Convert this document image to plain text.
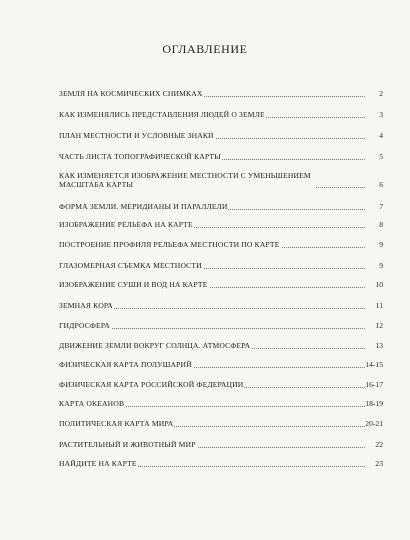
ОГЛАВЛЕНИЕ
ЗЕМЛЯ НА КОСМИЧЕСКИХ СНИМКАХ	2
КАК ИЗМЕНЯЛИСЬ ПРЕДСТАВЛЕНИЯ ЛЮДЕЙ О ЗЕМЛЕ	3
ПЛАН МЕСТНОСТИ И УСЛОВНЫЕ ЗНАКИ	4
ЧАСТЬ ЛИСТА ТОПОГРАФИЧЕСКОЙ КАРТЫ	5
КАК ИЗМЕНЯЕТСЯ ИЗОБРАЖЕНИЕ МЕСТНОСТИ С УМЕНЬШЕНИЕМ МАСШТАБА КАРТЫ	6
ФОРМА ЗЕМЛИ. МЕРИДИАНЫ И ПАРАЛЛЕЛИ	7
ИЗОБРАЖЕНИЕ РЕЛЬЕФА НА КАРТЕ	8
ПОСТРОЕНИЕ ПРОФИЛЯ РЕЛЬЕФА МЕСТНОСТИ ПО КАРТЕ	9
ГЛАЗОМЕРНАЯ СЪЕМКА МЕСТНОСТИ	9
ИЗОБРАЖЕНИЕ СУШИ И ВОД НА КАРТЕ	10
ЗЕМНАЯ КОРА	11
ГИДРОСФЕРА	12
ДВИЖЕНИЕ ЗЕМЛИ ВОКРУГ СОЛНЦА. АТМОСФЕРА	13
ФИЗИЧЕСКАЯ КАРТА ПОЛУШАРИЙ	14-15
ФИЗИЧЕСКАЯ КАРТА РОССИЙСКОЙ ФЕДЕРАЦИИ	16-17
КАРТА ОКЕАНОВ	18-19
ПОЛИТИЧЕСКАЯ КАРТА МИРА	20-21
РАСТИТЕЛЬНЫЙ И ЖИВОТНЫЙ МИР	22
НАЙДИТЕ НА КАРТЕ	23
